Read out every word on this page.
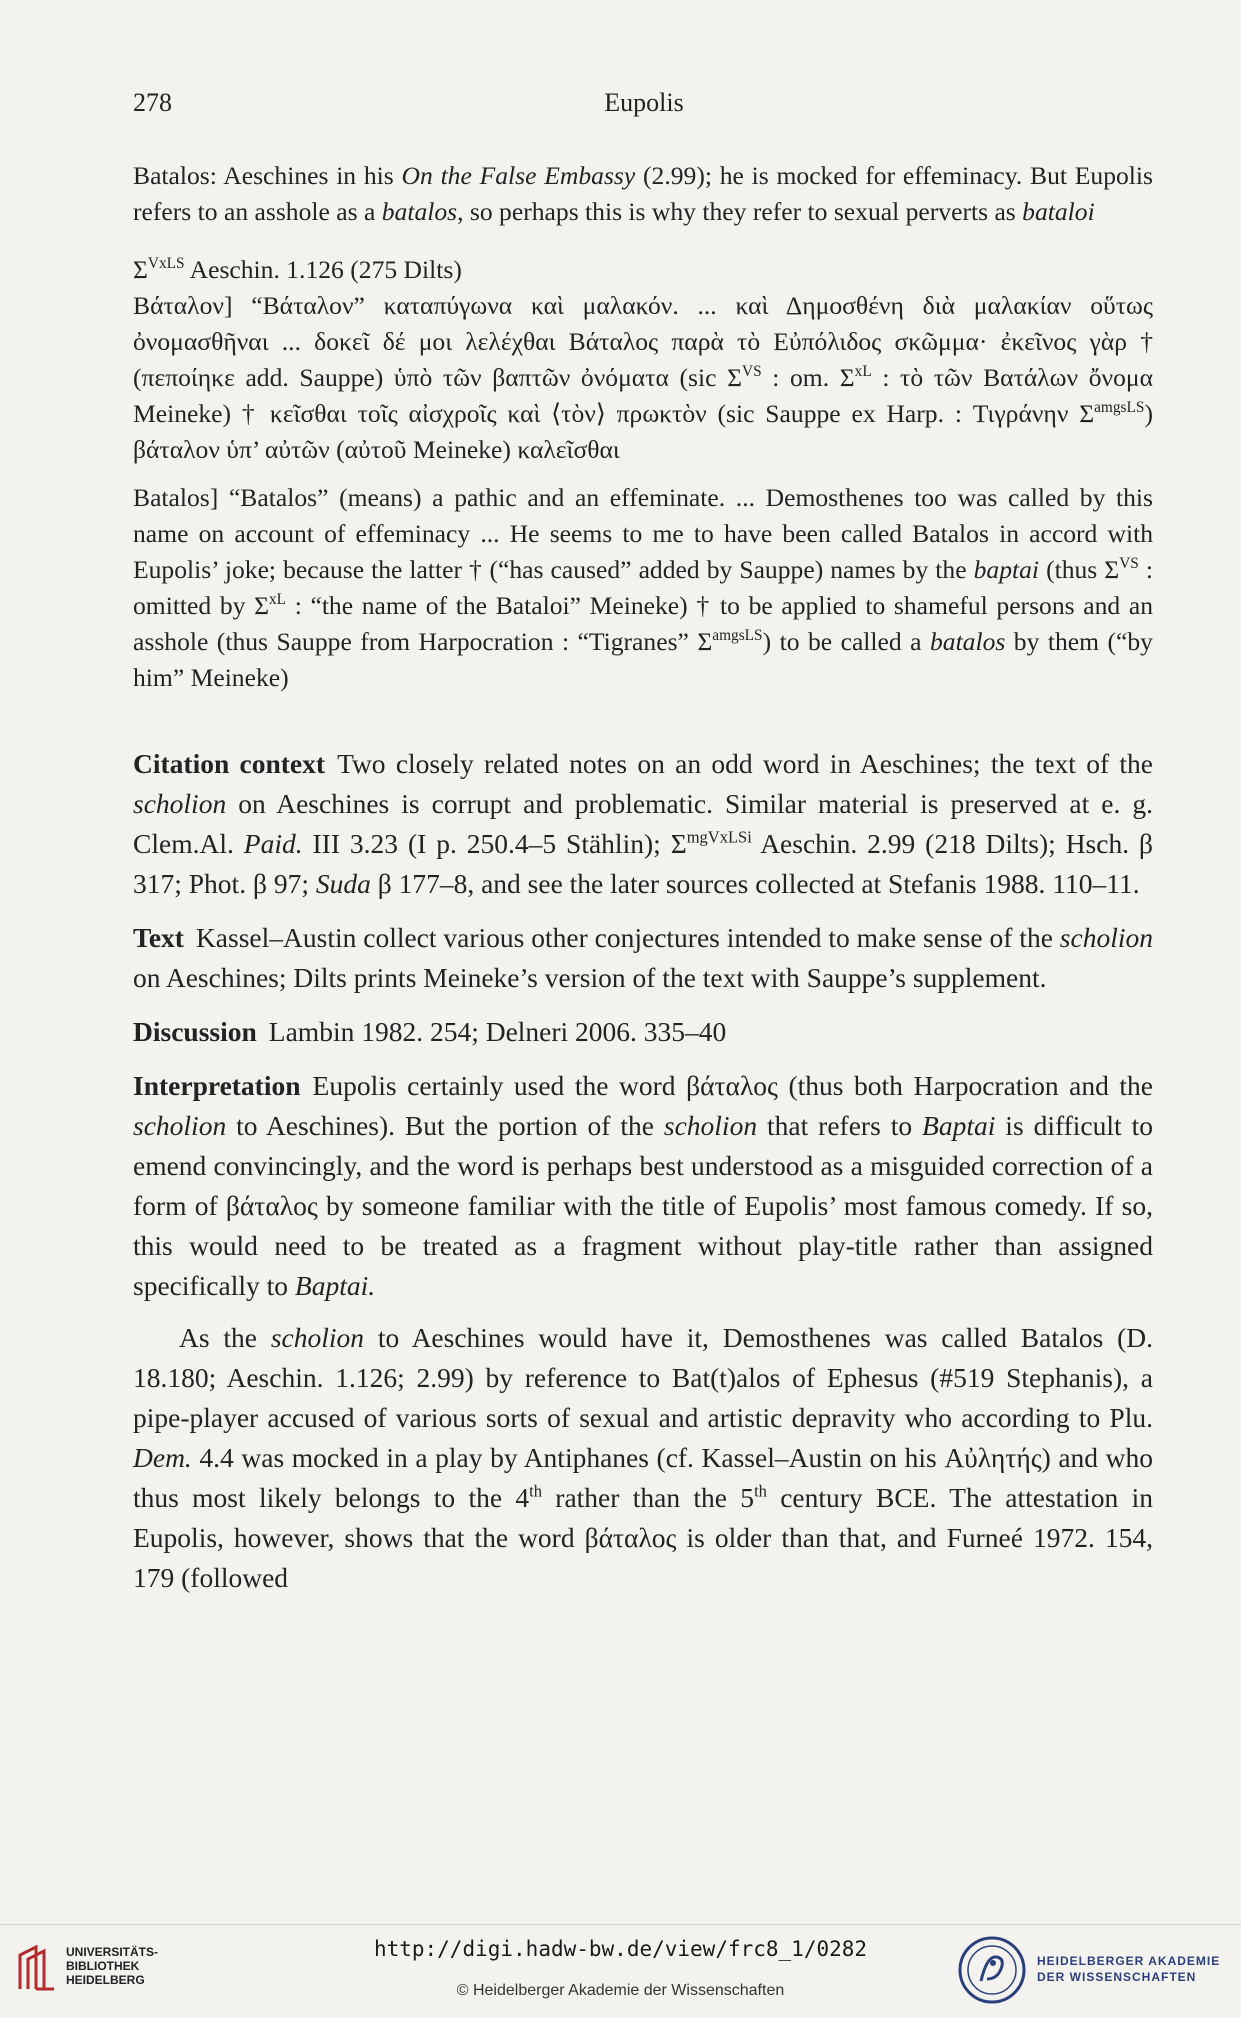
278	Eupolis

Batalos: Aeschines in his On the False Embassy (2.99); he is mocked for effeminacy. But Eupolis refers to an asshole as a batalos, so perhaps this is why they refer to sexual perverts as bataloi

$\Sigma^{VxLS}$ Aeschin. 1.126 (275 Dilts)

Βάταλον] “Βάταλον” καταπύγωνα καὶ μαλακόν. ... καὶ Δημοσθένη διὰ μαλακίαν οὕτως ὀνομασθῆναι ... δοκεῖ δέ μοι λελέχθαι Βάταλος παρὰ τὸ Εὐπόλιδος σκῶμμα· ἐκεῖνος γὰρ † (πεποίηκε add. Sauppe) ὑπὸ τῶν βαπτῶν ὀνόματα (sic $\Sigma^{VS}$ : om. $\Sigma^{xL}$ : τὸ τῶν Βατάλων ὄνομα Meineke) † κεῖσθαι τοῖς αἰσχροῖς καὶ ⟨τὸν⟩ πρωκτὸν (sic Sauppe ex Harp. : Τιγράνην $\Sigma^{amgsLS}$) βάταλον ὑπ’ αὐτῶν (αὐτοῦ Meineke) καλεῖσθαι

Batalos] “Batalos” (means) a pathic and an effeminate. ... Demosthenes too was called by this name on account of effeminacy ... He seems to me to have been called Batalos in accord with Eupolis’ joke; because the latter † (“has caused” added by Sauppe) names by the baptai (thus $\Sigma^{VS}$ : omitted by $\Sigma^{xL}$ : “the name of the Bataloi” Meineke) † to be applied to shameful persons and an asshole (thus Sauppe from Harpocration : “Tigranes” $\Sigma^{amgsLS}$) to be called a batalos by them (“by him” Meineke)

Citation context Two closely related notes on an odd word in Aeschines; the text of the scholion on Aeschines is corrupt and problematic. Similar material is preserved at e. g. Clem.Al. Paid. III 3.23 (I p. 250.4–5 Stählin); $\Sigma^{mgVxLSi}$ Aeschin. 2.99 (218 Dilts); Hsch. β 317; Phot. β 97; Suda β 177–8, and see the later sources collected at Stefanis 1988. 110–11.

Text Kassel–Austin collect various other conjectures intended to make sense of the scholion on Aeschines; Dilts prints Meineke’s version of the text with Sauppe’s supplement.

Discussion Lambin 1982. 254; Delneri 2006. 335–40

Interpretation Eupolis certainly used the word βάταλος (thus both Harpocration and the scholion to Aeschines). But the portion of the scholion that refers to Baptai is difficult to emend convincingly, and the word is perhaps best understood as a misguided correction of a form of βάταλος by someone familiar with the title of Eupolis’ most famous comedy. If so, this would need to be treated as a fragment without play-title rather than assigned specifically to Baptai.

As the scholion to Aeschines would have it, Demosthenes was called Batalos (D. 18.180; Aeschin. 1.126; 2.99) by reference to Bat(t)alos of Ephesus (#519 Stephanis), a pipe-player accused of various sorts of sexual and artistic depravity who according to Plu. Dem. 4.4 was mocked in a play by Antiphanes (cf. Kassel–Austin on his Αὐλητής) and who thus most likely belongs to the 4th rather than the 5th century BCE. The attestation in Eupolis, however, shows that the word βάταλος is older than that, and Furneé 1972. 154, 179 (followed

UNIVERSITÄTS-
BIBLIOTHEK
HEIDELBERG
http://digi.hadw-bw.de/view/frc8_1/0282
© Heidelberger Akademie der Wissenschaften
HEIDELBERGER AKADEMIE
DER WISSENSCHAFTEN
